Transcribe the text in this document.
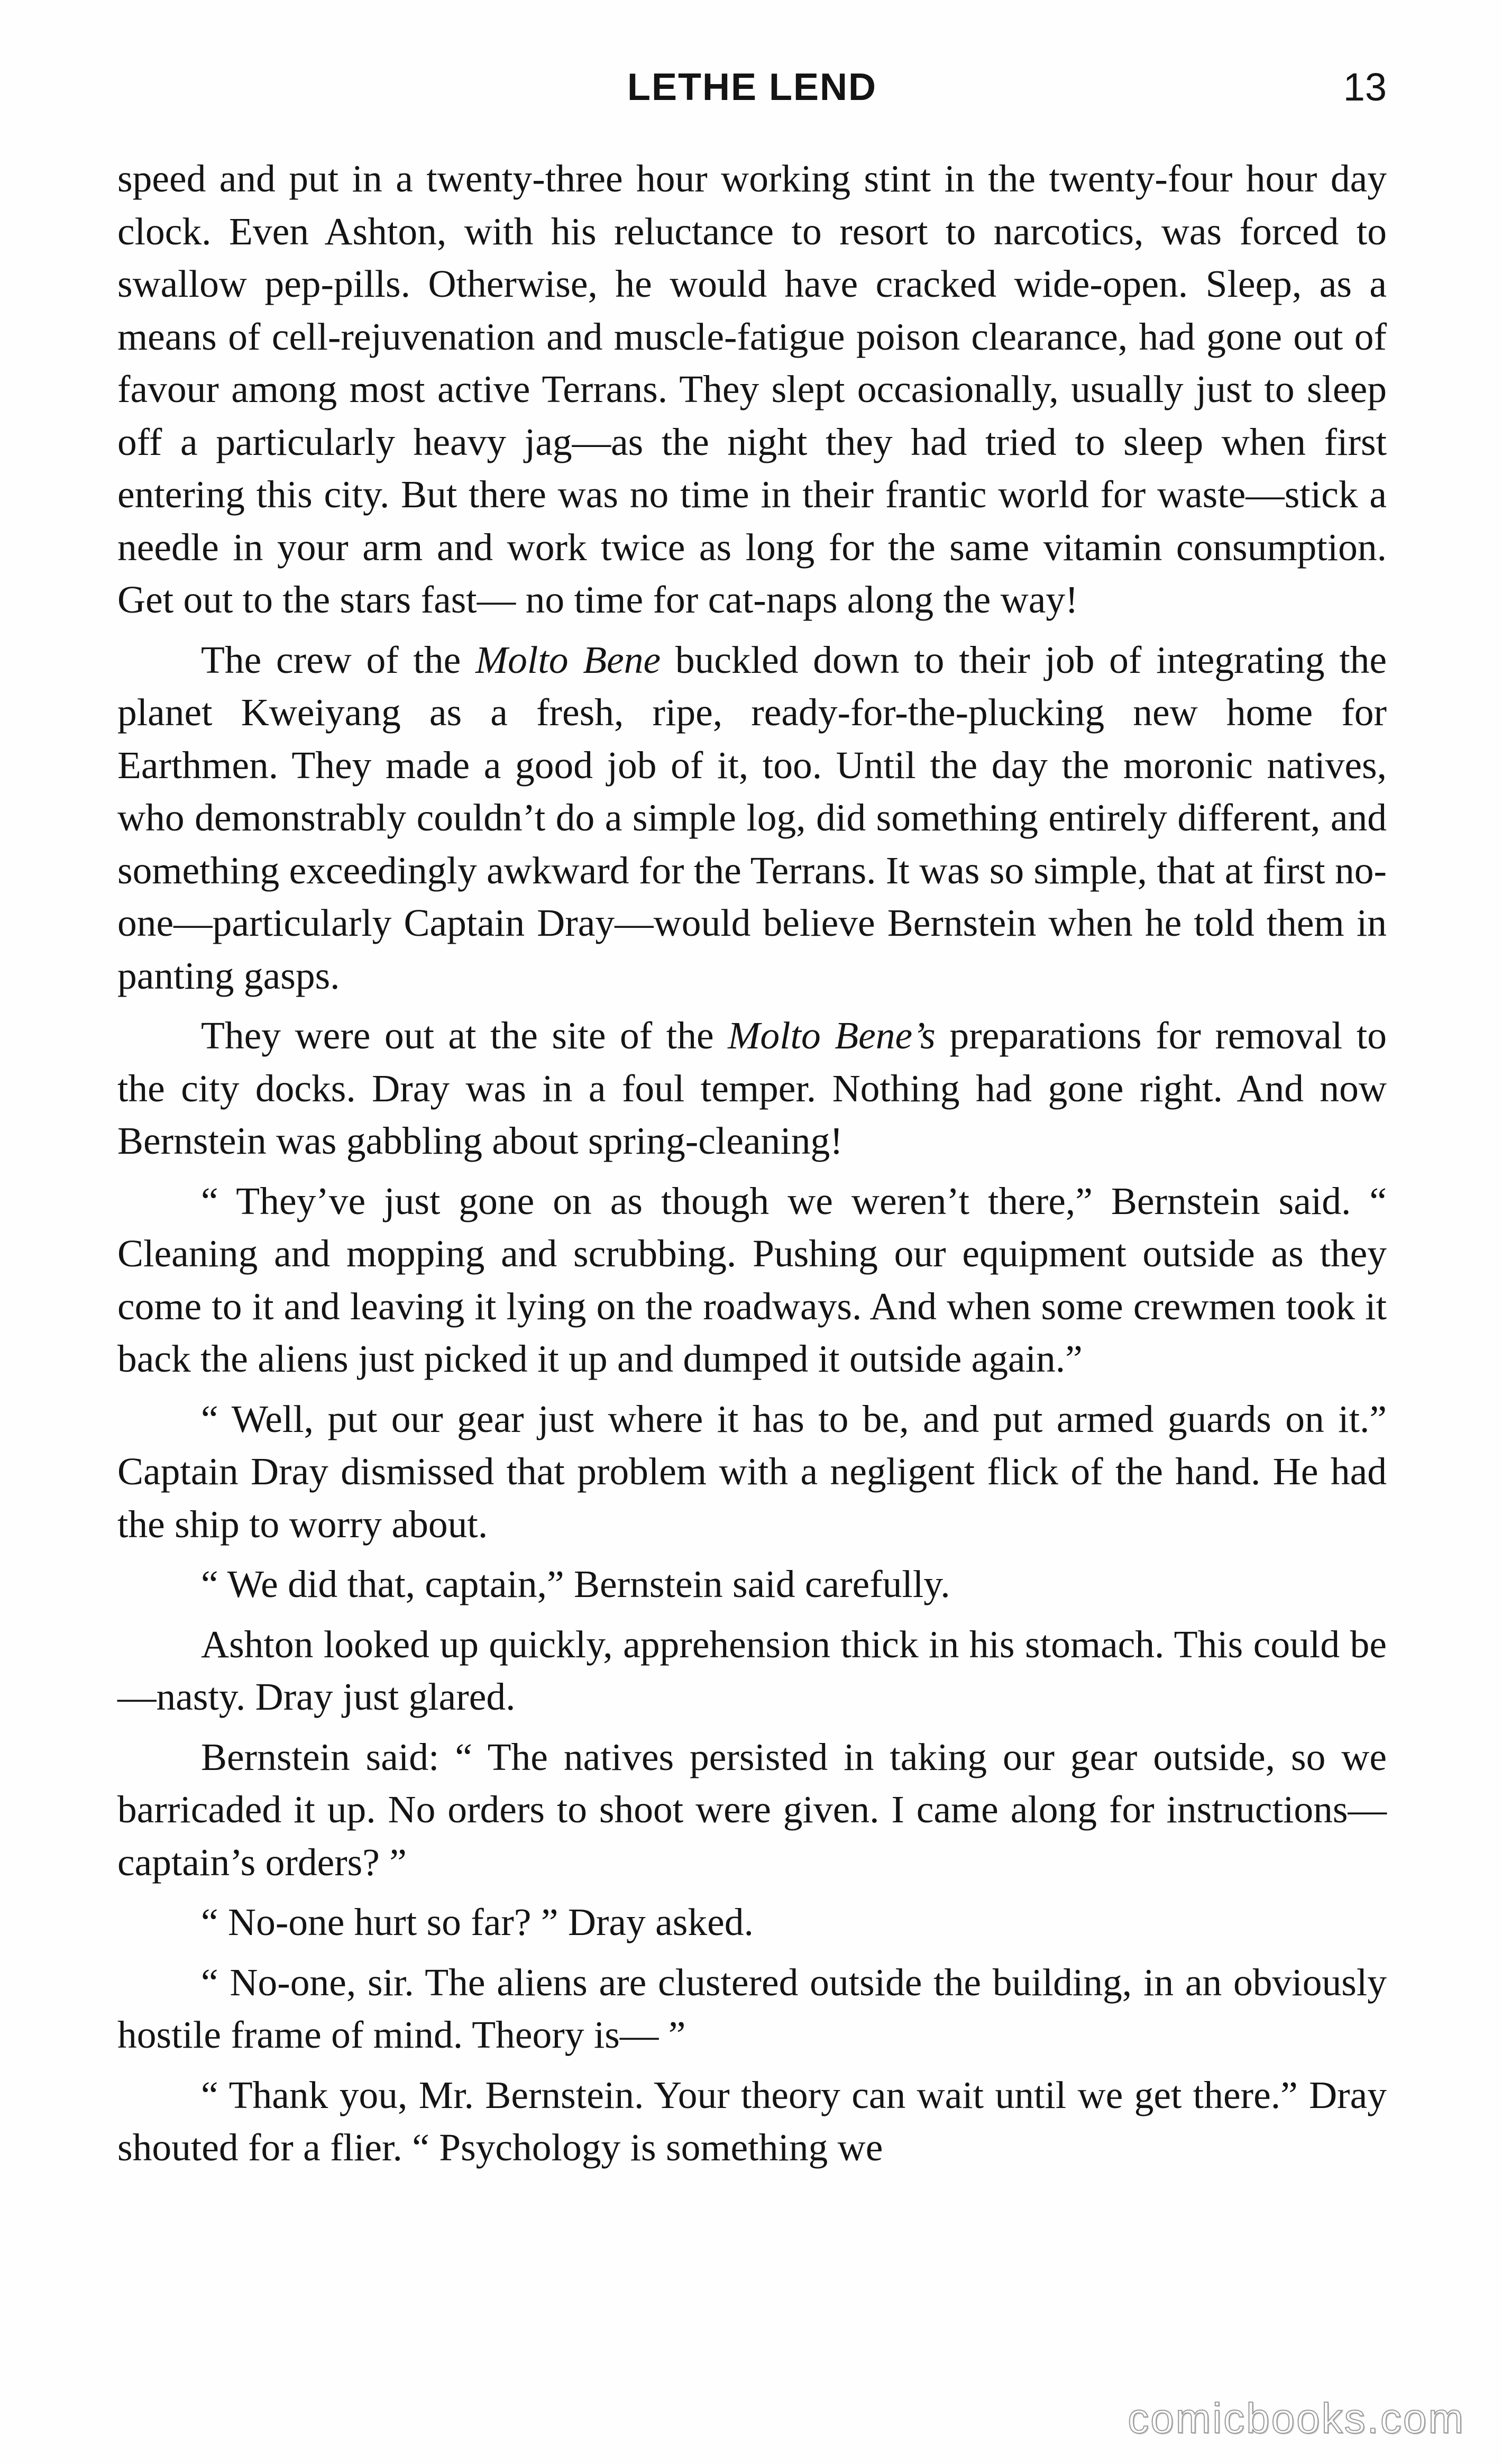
LETHE LEND	13

speed and put in a twenty-three hour working stint in the twenty-four hour day clock. Even Ashton, with his reluctance to resort to narcotics, was forced to swallow pep-pills. Otherwise, he would have cracked wide-open. Sleep, as a means of cell-rejuvenation and muscle-fatigue poison clearance, had gone out of favour among most active Terrans. They slept occasionally, usually just to sleep off a particularly heavy jag—as the night they had tried to sleep when first entering this city. But there was no time in their frantic world for waste—stick a needle in your arm and work twice as long for the same vitamin consumption. Get out to the stars fast— no time for cat-naps along the way!

The crew of the Molto Bene buckled down to their job of integrating the planet Kweiyang as a fresh, ripe, ready-for-the-plucking new home for Earthmen. They made a good job of it, too. Until the day the moronic natives, who demonstrably couldn’t do a simple log, did something entirely different, and something exceedingly awkward for the Terrans. It was so simple, that at first no-one—particularly Captain Dray—would believe Bernstein when he told them in panting gasps.

They were out at the site of the Molto Bene’s preparations for removal to the city docks. Dray was in a foul temper. Nothing had gone right. And now Bernstein was gabbling about spring-cleaning!

“ They’ve just gone on as though we weren’t there,” Bernstein said. “ Cleaning and mopping and scrubbing. Pushing our equipment outside as they come to it and leaving it lying on the roadways. And when some crewmen took it back the aliens just picked it up and dumped it outside again.”

“ Well, put our gear just where it has to be, and put armed guards on it.” Captain Dray dismissed that problem with a negligent flick of the hand. He had the ship to worry about.

“ We did that, captain,” Bernstein said carefully.

Ashton looked up quickly, apprehension thick in his stomach. This could be—nasty. Dray just glared.

Bernstein said: “ The natives persisted in taking our gear outside, so we barricaded it up. No orders to shoot were given. I came along for instructions—captain’s orders? ”

“ No-one hurt so far? ” Dray asked.

“ No-one, sir. The aliens are clustered outside the building, in an obviously hostile frame of mind. Theory is— ”

“ Thank you, Mr. Bernstein. Your theory can wait until we get there.” Dray shouted for a flier. “ Psychology is something we

comicbooks.com
